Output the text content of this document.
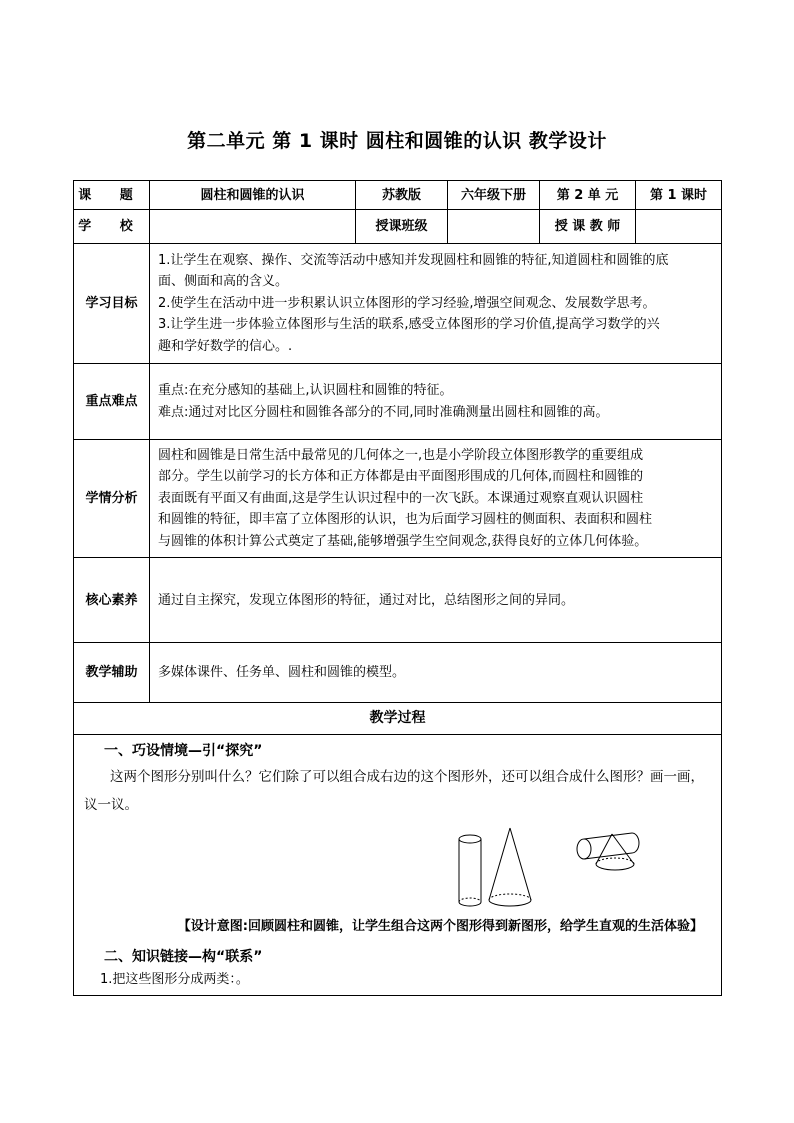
第二单元 第 1 课时 圆柱和圆锥的认识 教学设计
课 题	圆柱和圆锥的认识	苏教版	六年级下册	第 2 单 元	第 1 课时
学 校		授课班级		授 课 教 师	
学习目标	1.让学生在观察、操作、交流等活动中感知并发现圆柱和圆锥的特征,知道圆柱和圆锥的底
面、侧面和高的含义。
2.使学生在活动中进一步积累认识立体图形的学习经验,增强空间观念、发展数学思考。
3.让学生进一步体验立体图形与生活的联系,感受立体图形的学习价值,提高学习数学的兴
趣和学好数学的信心。.				

重点难点	重点:在充分感知的基础上,认识圆柱和圆锥的特征。
难点:通过对比区分圆柱和圆锥各部分的不同,同时准确测量出圆柱和圆锥的高。				

学情分析	圆柱和圆锥是日常生活中最常见的几何体之一,也是小学阶段立体图形教学的重要组成
部分。学生以前学习的长方体和正方体都是由平面图形围成的几何体,而圆柱和圆锥的
表面既有平面又有曲面,这是学生认识过程中的一次飞跃。本课通过观察直观认识圆柱
和圆锥的特征，即丰富了立体图形的认识，也为后面学习圆柱的侧面积、表面积和圆柱
与圆锥的体积计算公式奠定了基础,能够增强学生空间观念,获得良好的立体几何体验。				

核心素养	通过自主探究，发现立体图形的特征，通过对比，总结图形之间的异同。				
教学辅助	多媒体课件、任务单、圆柱和圆锥的模型。				
教学过程					

一、巧设情境—引“探究”
这两个图形分别叫什么？它们除了可以组合成右边的这个图形外，还可以组合成什么图形？画一画，议一议。
【设计意图:回顾圆柱和圆锥，让学生组合这两个图形得到新图形，给学生直观的生活体验】
二、知识链接—构“联系”
1.把这些图形分成两类：。					
